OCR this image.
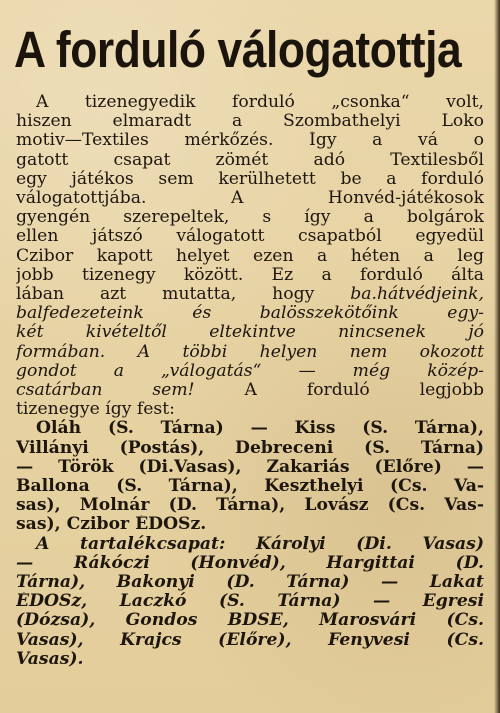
A forduló válogatottja
A tizenegyedik forduló „csonka“ volt,
hiszen elmaradt a Szombathelyi Loko
motiv—Textiles mérkőzés. Így a vá o
gatott csapat zömét adó Textilesből
egy játékos sem kerülhetett be a forduló
válogatottjába. A Honvéd-játékosok
gyengén szerepeltek, s így a bolgárok
ellen játszó válogatott csapatból egyedül
Czibor kapott helyet ezen a héten a leg
jobb tizenegy között. Ez a forduló álta
lában azt mutatta, hogy ba.hátvédjeink,
balfedezeteink és balösszekötőink egy-
két kivételtől eltekintve nincsenek jó
formában. A többi helyen nem okozott
gondot a „válogatás“ — még közép-
csatárban sem! A forduló legjobb
tizenegye így fest:
Oláh (S. Tárna) — Kiss (S. Tárna),
Villányi (Postás), Debreceni (S. Tárna)
— Török (Di.Vasas), Zakariás (Előre) —
Ballona (S. Tárna), Keszthelyi (Cs. Va-
sas), Molnár (D. Tárna), Lovász (Cs. Vas-
sas), Czibor ÉDOSz.
A tartalékcsapat: Károlyi (Di. Vasas)
— Rákóczi (Honvéd), Hargittai (D.
Tárna), Bakonyi (D. Tárna) — Lakat
ÉDOSz, Laczkó (S. Tárna) — Egresi
(Dózsa), Gondos BDSE, Marosvári (Cs.
Vasas), Krajcs (Előre), Fenyvesi (Cs.
Vasas).
